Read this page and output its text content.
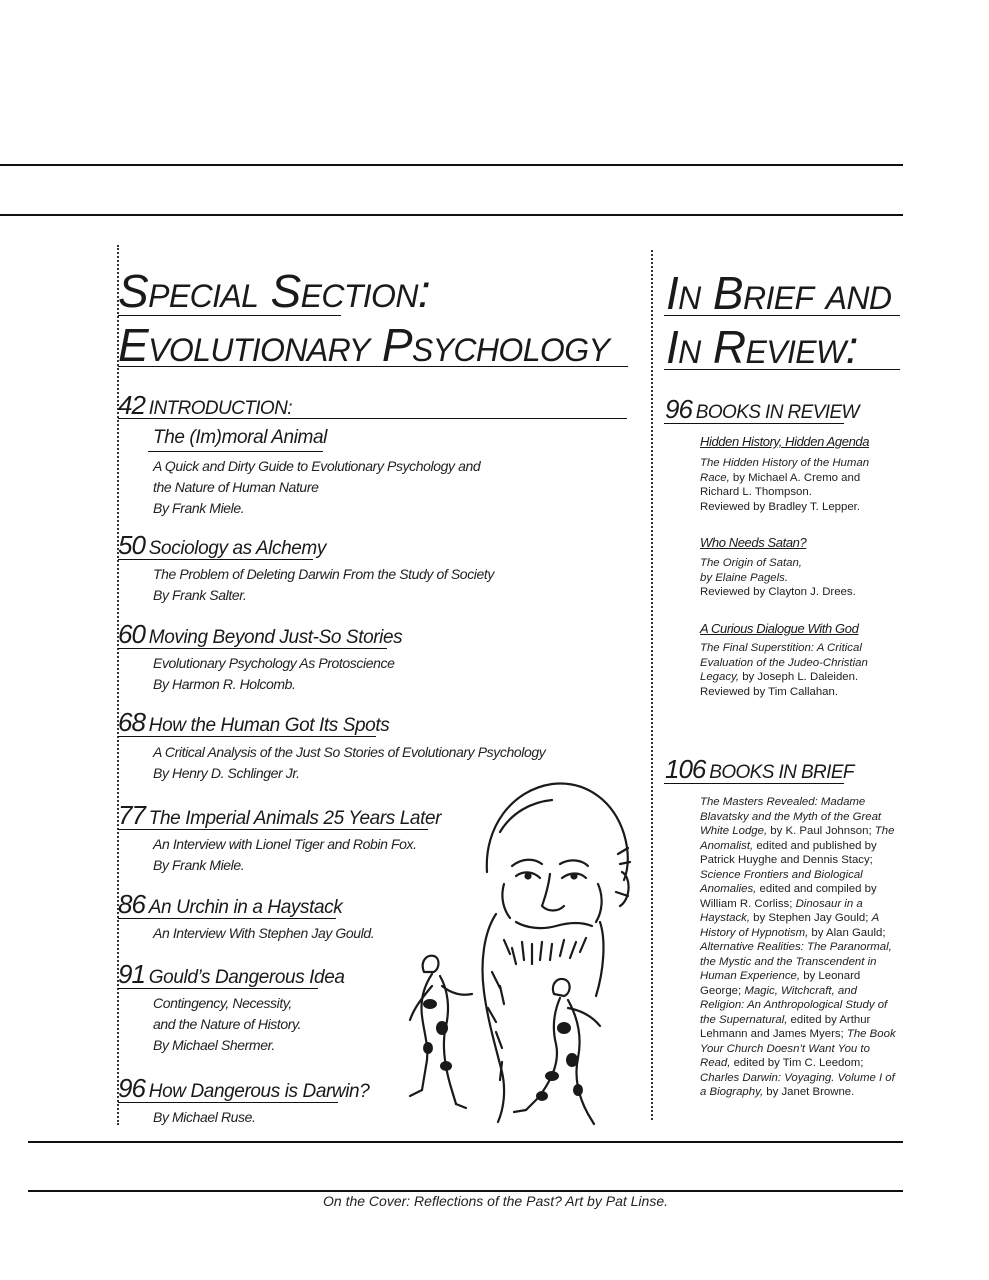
Special Section:
Evolutionary Psychology
42 INTRODUCTION:
The (Im)moral Animal
A Quick and Dirty Guide to Evolutionary Psychology and
the Nature of Human Nature
By Frank Miele.
50 Sociology as Alchemy
The Problem of Deleting Darwin From the Study of Society
By Frank Salter.
60 Moving Beyond Just-So Stories
Evolutionary Psychology As Protoscience
By Harmon R. Holcomb.
68 How the Human Got Its Spots
A Critical Analysis of the Just So Stories of Evolutionary Psychology
By Henry D. Schlinger Jr.
77 The Imperial Animals 25 Years Later
An Interview with Lionel Tiger and Robin Fox.
By Frank Miele.
86 An Urchin in a Haystack
An Interview With Stephen Jay Gould.
91 Gould’s Dangerous Idea
Contingency, Necessity,
and the Nature of History.
By Michael Shermer.
96 How Dangerous is Darwin?
By Michael Ruse.
In Brief and
In Review:
96 BOOKS IN REVIEW
Hidden History, Hidden Agenda
The Hidden History of the Human Race, by Michael A. Cremo and Richard L. Thompson.
Reviewed by Bradley T. Lepper.
Who Needs Satan?
The Origin of Satan, by Elaine Pagels.
Reviewed by Clayton J. Drees.
A Curious Dialogue With God
The Final Superstition: A Critical Evaluation of the Judeo-Christian Legacy, by Joseph L. Daleiden.
Reviewed by Tim Callahan.
106 BOOKS IN BRIEF
The Masters Revealed: Madame Blavatsky and the Myth of the Great White Lodge, by K. Paul Johnson; The Anomalist, edited and published by Patrick Huyghe and Dennis Stacy; Science Frontiers and Biological Anomalies, edited and compiled by William R. Corliss; Dinosaur in a Haystack, by Stephen Jay Gould; A History of Hypnotism, by Alan Gauld; Alternative Realities: The Paranormal, the Mystic and the Transcendent in Human Experience, by Leonard George; Magic, Witchcraft, and Religion: An Anthropological Study of the Supernatural, edited by Arthur Lehmann and James Myers; The Book Your Church Doesn’t Want You to Read, edited by Tim C. Leedom; Charles Darwin: Voyaging. Volume I of a Biography, by Janet Browne.
On the Cover: Reflections of the Past? Art by Pat Linse.
